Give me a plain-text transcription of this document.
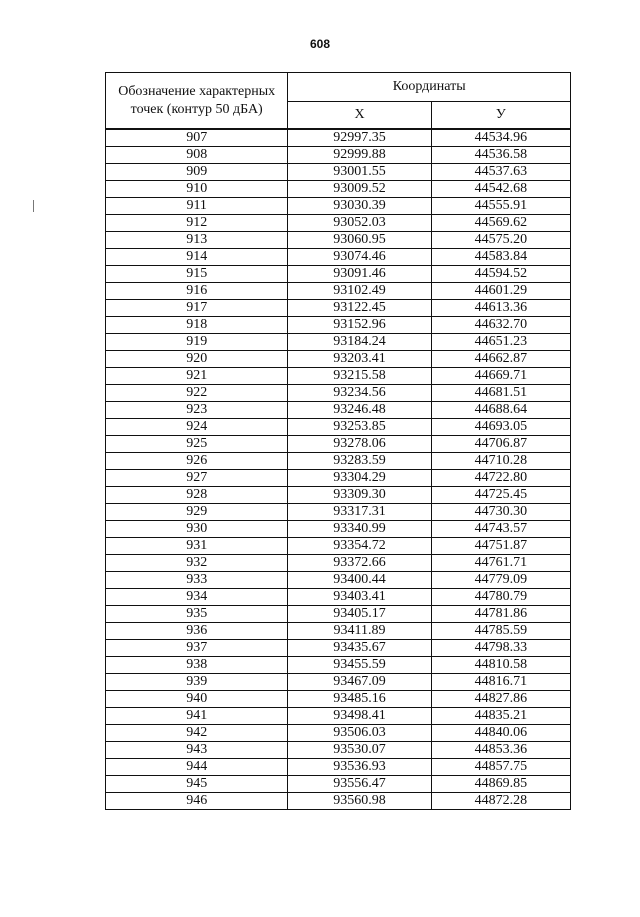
608
Обозначение характерных точек (контур 50 дБА)	Координаты	
	X	У
907	92997.35	44534.96
908	92999.88	44536.58
909	93001.55	44537.63
910	93009.52	44542.68
911	93030.39	44555.91
912	93052.03	44569.62
913	93060.95	44575.20
914	93074.46	44583.84
915	93091.46	44594.52
916	93102.49	44601.29
917	93122.45	44613.36
918	93152.96	44632.70
919	93184.24	44651.23
920	93203.41	44662.87
921	93215.58	44669.71
922	93234.56	44681.51
923	93246.48	44688.64
924	93253.85	44693.05
925	93278.06	44706.87
926	93283.59	44710.28
927	93304.29	44722.80
928	93309.30	44725.45
929	93317.31	44730.30
930	93340.99	44743.57
931	93354.72	44751.87
932	93372.66	44761.71
933	93400.44	44779.09
934	93403.41	44780.79
935	93405.17	44781.86
936	93411.89	44785.59
937	93435.67	44798.33
938	93455.59	44810.58
939	93467.09	44816.71
940	93485.16	44827.86
941	93498.41	44835.21
942	93506.03	44840.06
943	93530.07	44853.36
944	93536.93	44857.75
945	93556.47	44869.85
946	93560.98	44872.28
